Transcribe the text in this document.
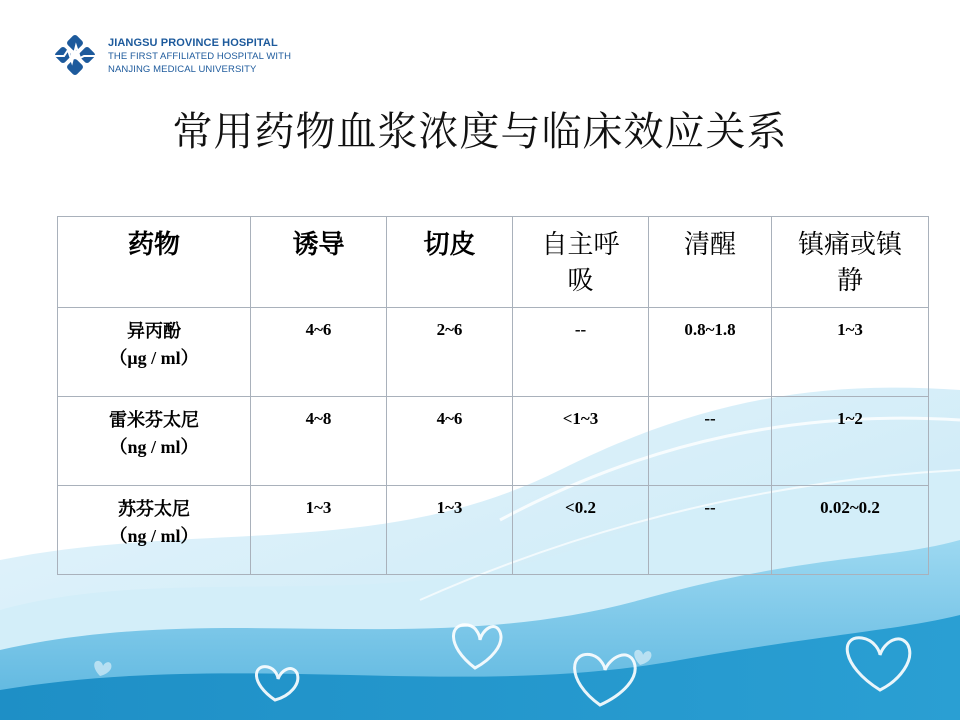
JIANGSU PROVINCE HOSPITAL
THE FIRST AFFILIATED HOSPITAL WITH
NANJING MEDICAL UNIVERSITY
常用药物血浆浓度与临床效应关系
药物	诱导	切皮	自主呼吸	清醒	镇痛或镇静

异丙酚
（μg / ml）	4~6	2~6	--	0.8~1.8	1~3

雷米芬太尼
（ng / ml）	4~8	4~6	<1~3	--	1~2

苏芬太尼
（ng / ml）	1~3	1~3	<0.2	--	0.02~0.2
